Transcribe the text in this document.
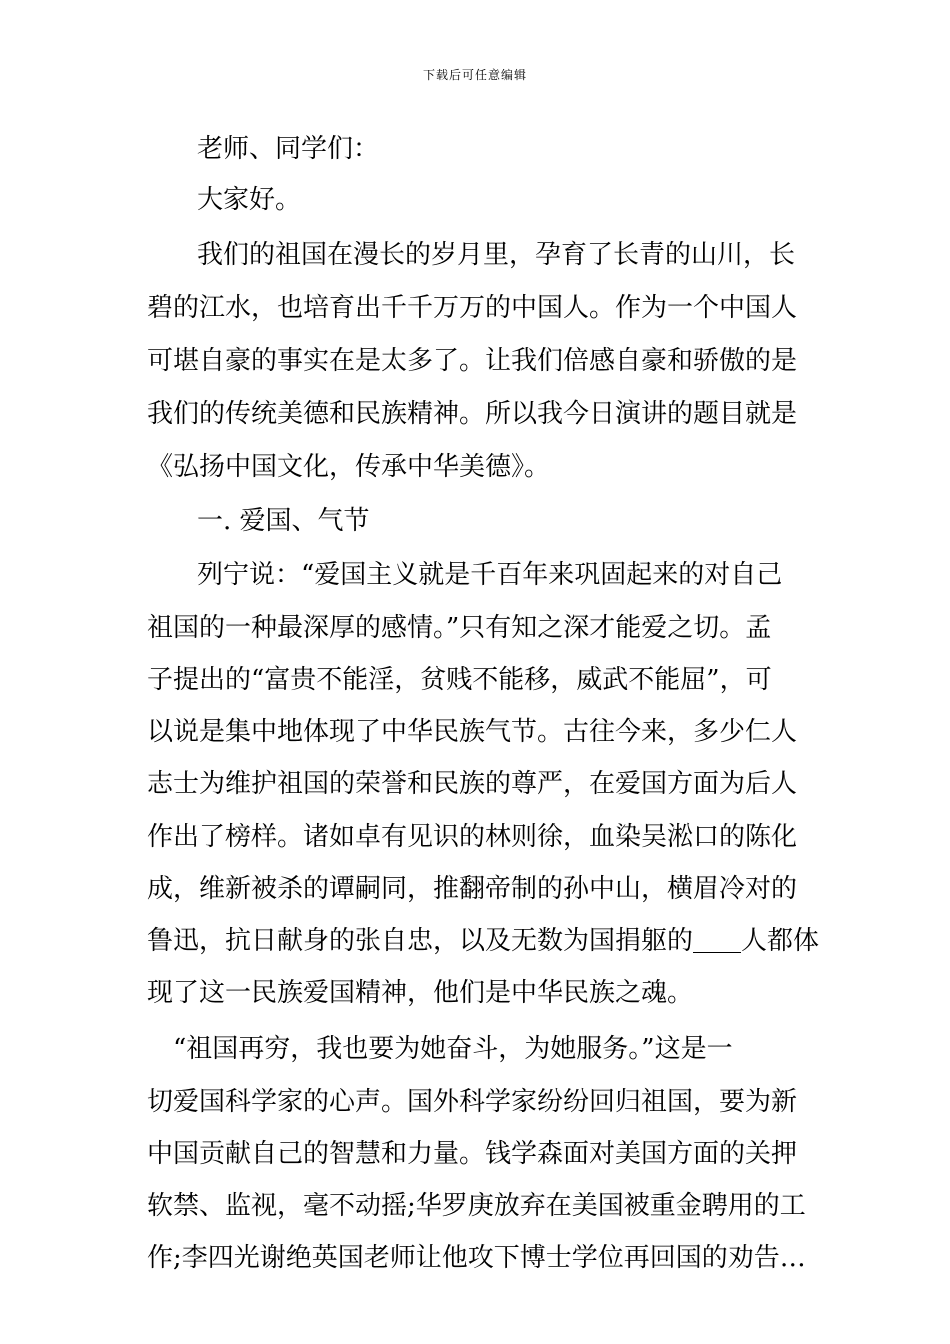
下载后可任意编辑
老师、同学们：
大家好。
我们的祖国在漫长的岁月里，孕育了长青的山川，长
碧的江水，也培育出千千万万的中国人。作为一个中国人
可堪自豪的事实在是太多了。让我们倍感自豪和骄傲的是
我们的传统美德和民族精神。所以我今日演讲的题目就是
《弘扬中国文化，传承中华美德》。
一. 爱国、气节
列宁说：“爱国主义就是千百年来巩固起来的对自己
祖国的一种最深厚的感情。”只有知之深才能爱之切。孟
子提出的“富贵不能淫，贫贱不能移，威武不能屈”，可
以说是集中地体现了中华民族气节。古往今来，多少仁人
志士为维护祖国的荣誉和民族的尊严，在爱国方面为后人
作出了榜样。诸如卓有见识的林则徐，血染吴淞口的陈化
成，维新被杀的谭嗣同，推翻帝制的孙中山，横眉冷对的
鲁迅，抗日献身的张自忠，以及无数为国捐躯的 人都体
现了这一民族爱国精神，他们是中华民族之魂。
“祖国再穷，我也要为她奋斗，为她服务。”这是一
切爱国科学家的心声。国外科学家纷纷回归祖国，要为新
中国贡献自己的智慧和力量。钱学森面对美国方面的关押
软禁、监视，毫不动摇;华罗庚放弃在美国被重金聘用的工
作;李四光谢绝英国老师让他攻下博士学位再回国的劝告…
